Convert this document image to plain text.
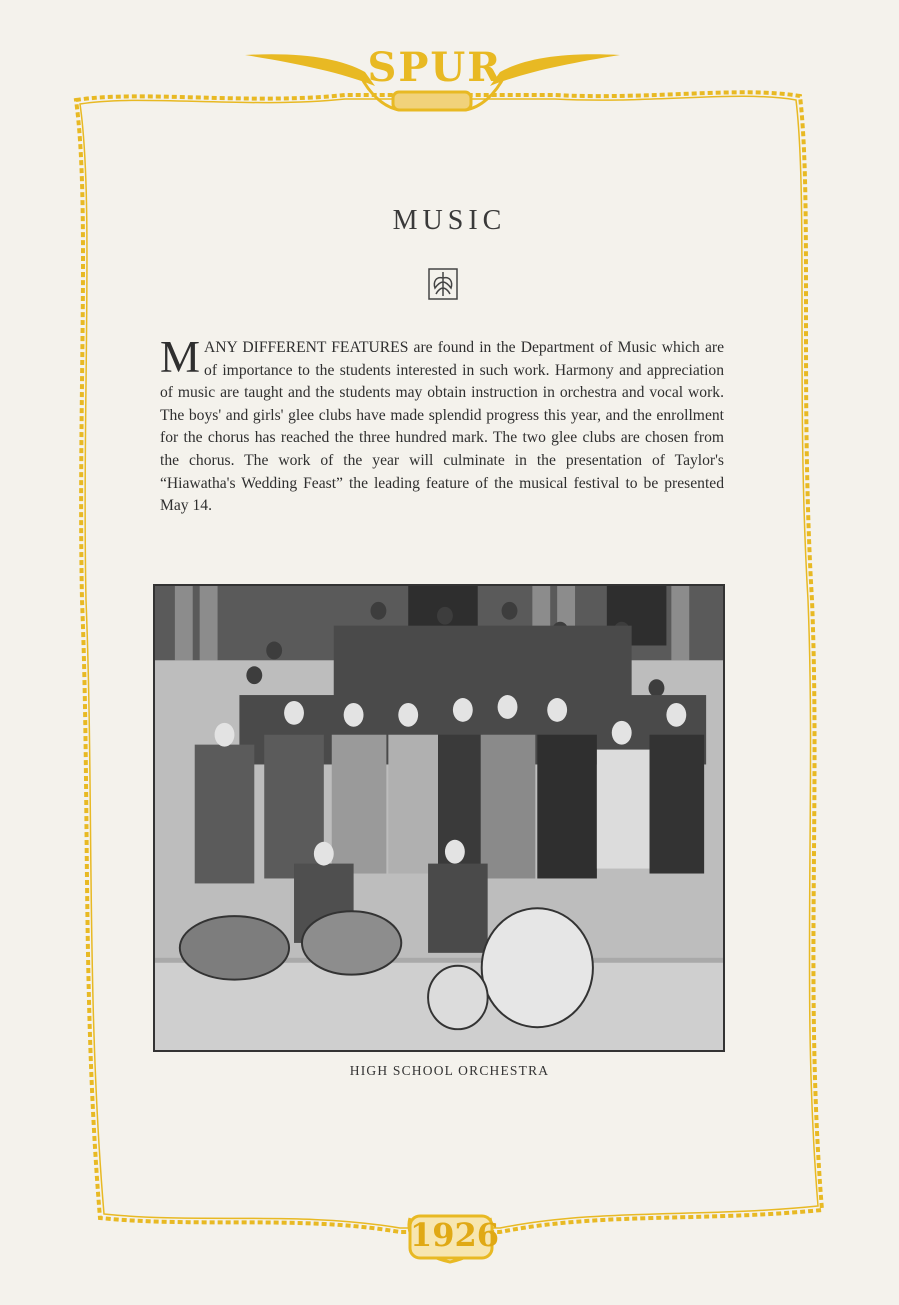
SPUR
1926
MUSIC
MANY DIFFERENT FEATURES are found in the Department of Music which are of importance to the students interested in such work. Harmony and appreciation of music are taught and the students may obtain instruction in orchestra and vocal work. The boys' and girls' glee clubs have made splendid progress this year, and the enrollment for the chorus has reached the three hundred mark. The two glee clubs are chosen from the chorus. The work of the year will culminate in the presentation of Taylor's “Hiawatha's Wedding Feast” the leading feature of the musical festival to be presented May 14.
HIGH SCHOOL ORCHESTRA
